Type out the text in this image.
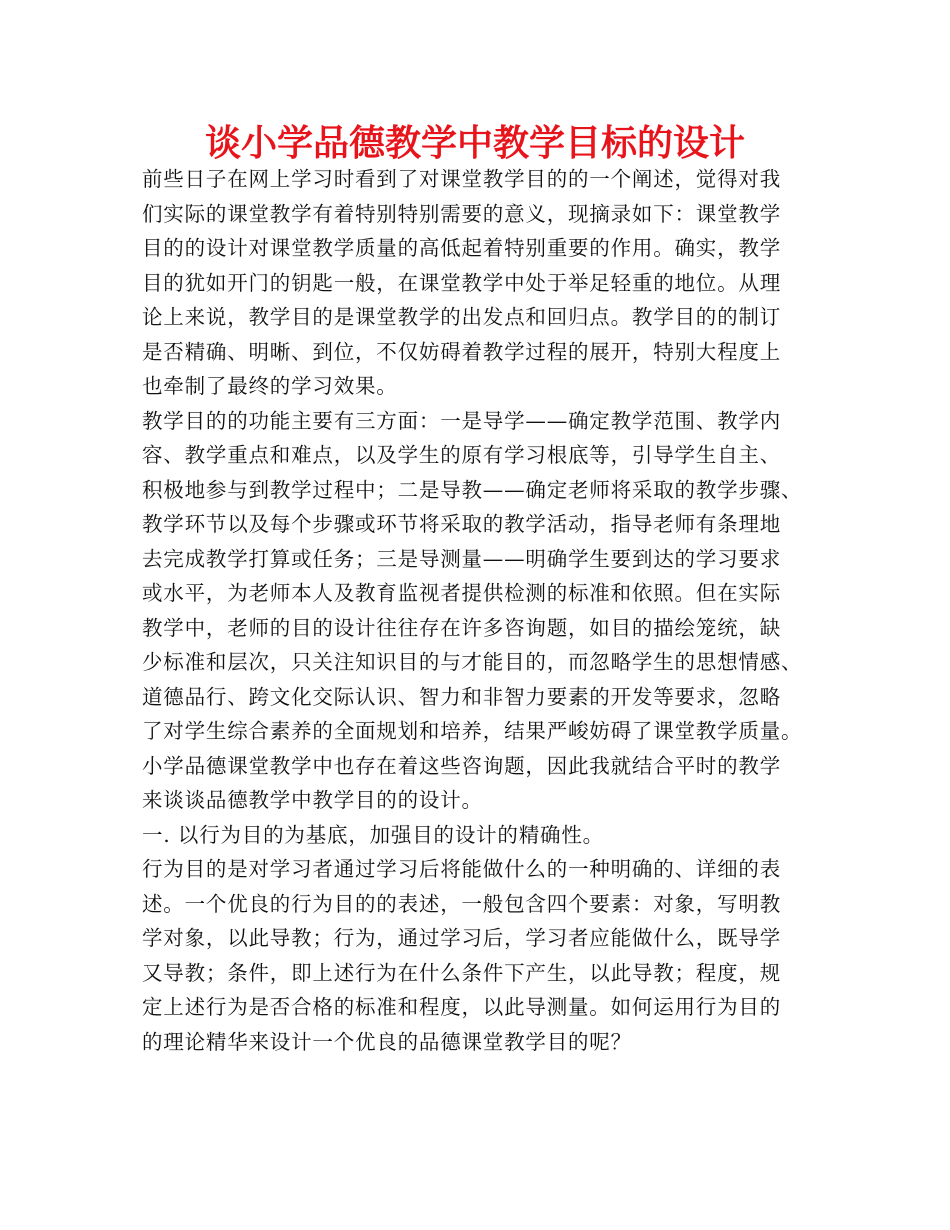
谈小学品德教学中教学目标的设计

前些日子在网上学习时看到了对课堂教学目的的一个阐述，觉得对我
们实际的课堂教学有着特别特别需要的意义，现摘录如下：课堂教学
目的的设计对课堂教学质量的高低起着特别重要的作用。确实，教学
目的犹如开门的钥匙一般，在课堂教学中处于举足轻重的地位。从理
论上来说，教学目的是课堂教学的出发点和回归点。教学目的的制订
是否精确、明晰、到位，不仅妨碍着教学过程的展开，特别大程度上
也牵制了最终的学习效果。

教学目的的功能主要有三方面：一是导学——确定教学范围、教学内
容、教学重点和难点，以及学生的原有学习根底等，引导学生自主、
积极地参与到教学过程中；二是导教——确定老师将采取的教学步骤、
教学环节以及每个步骤或环节将采取的教学活动，指导老师有条理地
去完成教学打算或任务；三是导测量——明确学生要到达的学习要求
或水平，为老师本人及教育监视者提供检测的标准和依照。但在实际
教学中，老师的目的设计往往存在许多咨询题，如目的描绘笼统，缺
少标准和层次，只关注知识目的与才能目的，而忽略学生的思想情感、
道德品行、跨文化交际认识、智力和非智力要素的开发等要求，忽略
了对学生综合素养的全面规划和培养，结果严峻妨碍了课堂教学质量。
小学品德课堂教学中也存在着这些咨询题，因此我就结合平时的教学
来谈谈品德教学中教学目的的设计。

一. 以行为目的为基底，加强目的设计的精确性。

行为目的是对学习者通过学习后将能做什么的一种明确的、详细的表
述。一个优良的行为目的的表述，一般包含四个要素：对象，写明教
学对象，以此导教；行为，通过学习后，学习者应能做什么，既导学
又导教；条件，即上述行为在什么条件下产生，以此导教；程度，规
定上述行为是否合格的标准和程度，以此导测量。如何运用行为目的
的理论精华来设计一个优良的品德课堂教学目的呢？
